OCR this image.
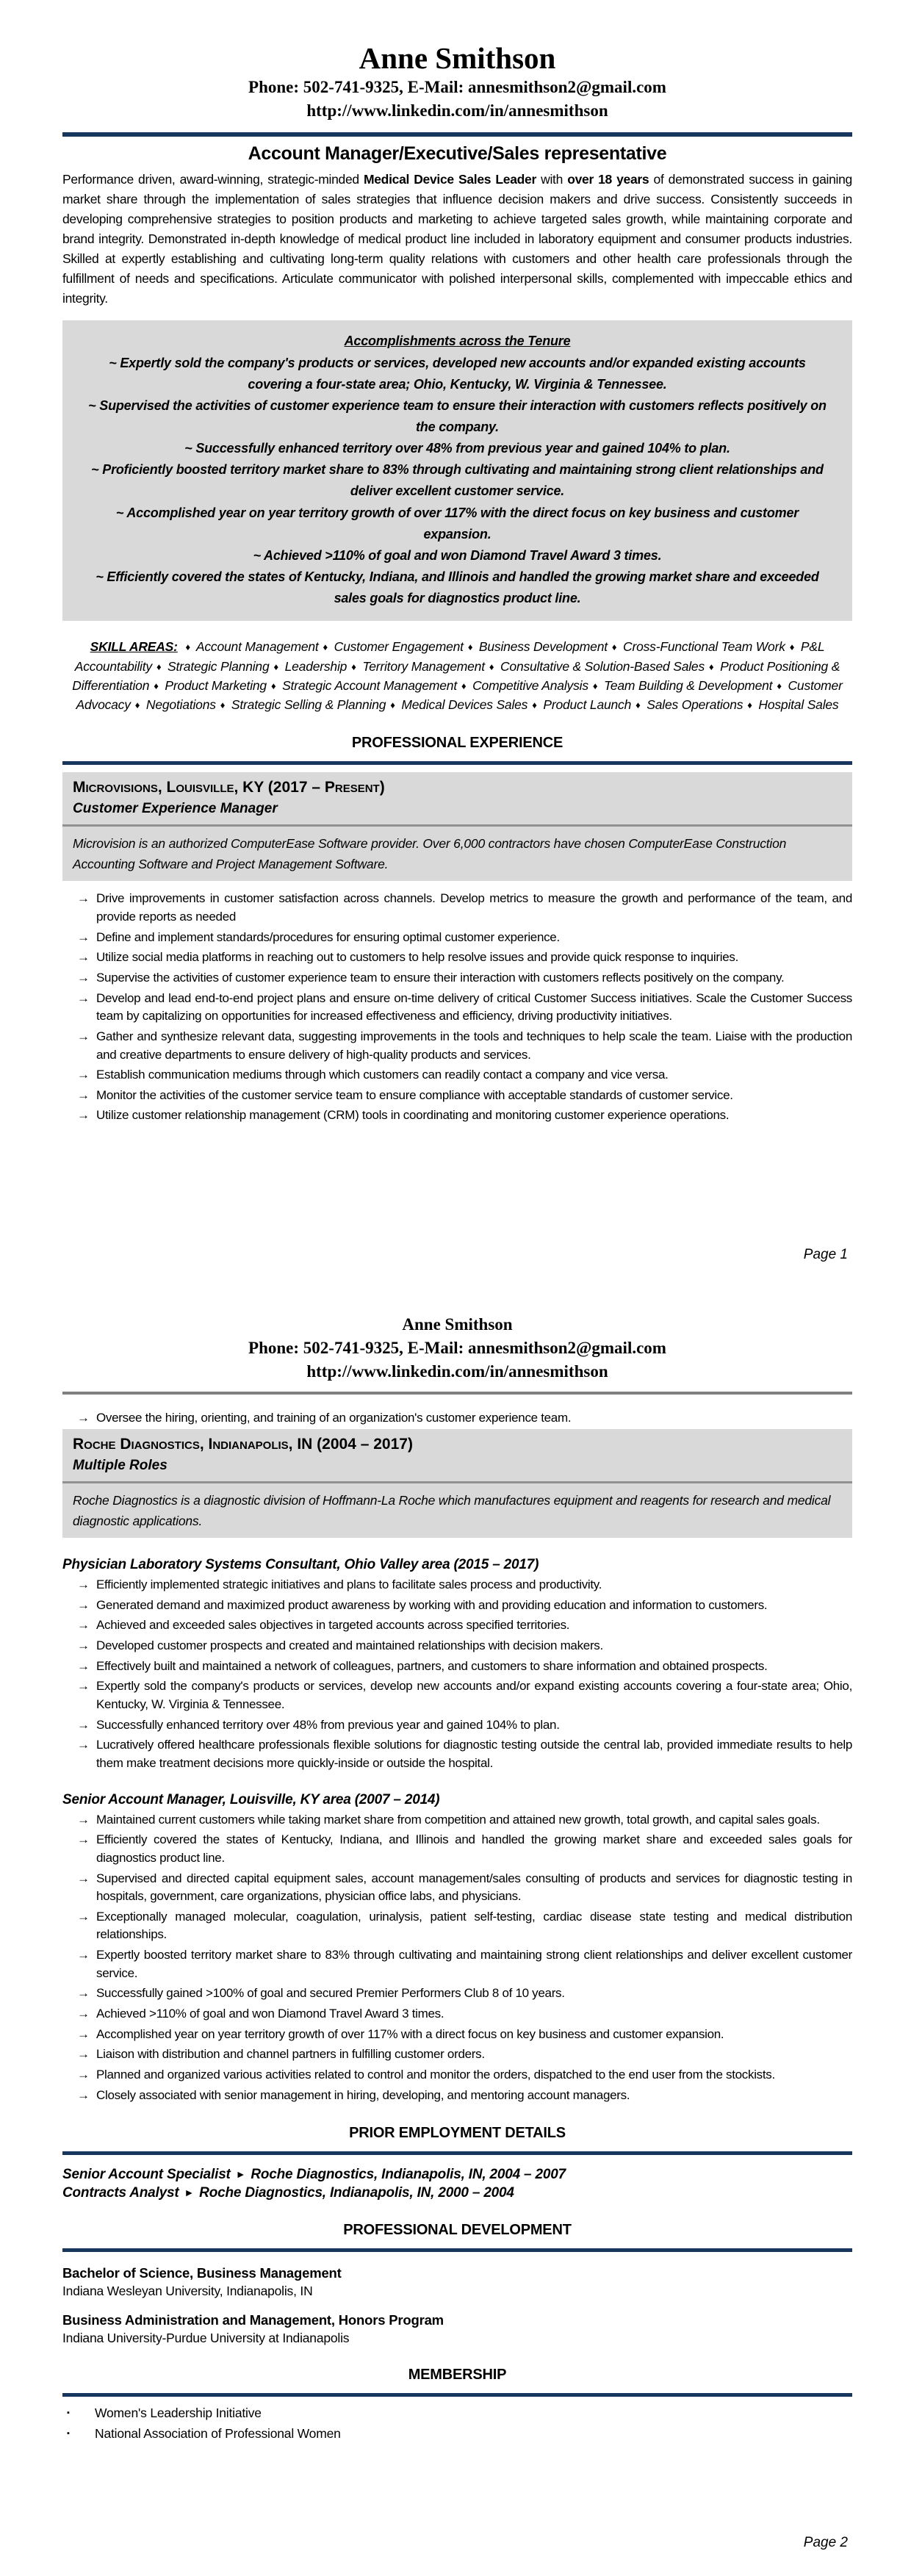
Anne Smithson

Phone: 502-741-9325, E-Mail: annesmithson2@gmail.com

http://www.linkedin.com/in/annesmithson

Account Manager/Executive/Sales representative

Performance driven, award-winning, strategic-minded Medical Device Sales Leader with over 18 years of demonstrated success in gaining market share through the implementation of sales strategies that influence decision makers and drive success. Consistently succeeds in developing comprehensive strategies to position products and marketing to achieve targeted sales growth, while maintaining corporate and brand integrity. Demonstrated in-depth knowledge of medical product line included in laboratory equipment and consumer products industries. Skilled at expertly establishing and cultivating long-term quality relations with customers and other health care professionals through the fulfillment of needs and specifications. Articulate communicator with polished interpersonal skills, complemented with impeccable ethics and integrity.

Accomplishments across the Tenure

~ Expertly sold the company's products or services, developed new accounts and/or expanded existing accounts covering a four-state area; Ohio, Kentucky, W. Virginia & Tennessee.

~ Supervised the activities of customer experience team to ensure their interaction with customers reflects positively on the company.

~ Successfully enhanced territory over 48% from previous year and gained 104% to plan.

~ Proficiently boosted territory market share to 83% through cultivating and maintaining strong client relationships and deliver excellent customer service.

~ Accomplished year on year territory growth of over 117% with the direct focus on key business and customer expansion.

~ Achieved >110% of goal and won Diamond Travel Award 3 times.

~ Efficiently covered the states of Kentucky, Indiana, and Illinois and handled the growing market share and exceeded sales goals for diagnostics product line.

SKILL AREAS: ♦ Account Management ♦ Customer Engagement ♦ Business Development ♦ Cross-Functional Team Work ♦ P&L Accountability ♦ Strategic Planning ♦ Leadership ♦ Territory Management ♦ Consultative & Solution-Based Sales ♦ Product Positioning & Differentiation ♦ Product Marketing ♦ Strategic Account Management ♦ Competitive Analysis ♦ Team Building & Development ♦ Customer Advocacy ♦ Negotiations ♦ Strategic Selling & Planning ♦ Medical Devices Sales ♦ Product Launch ♦ Sales Operations ♦ Hospital Sales
PROFESSIONAL EXPERIENCE
Microvisions, Louisville, KY (2017 – Present)
Customer Experience Manager
Microvision is an authorized ComputerEase Software provider. Over 6,000 contractors have chosen ComputerEase Construction Accounting Software and Project Management Software.
→ Drive improvements in customer satisfaction across channels. Develop metrics to measure the growth and performance of the team, and provide reports as needed
→ Define and implement standards/procedures for ensuring optimal customer experience.
→ Utilize social media platforms in reaching out to customers to help resolve issues and provide quick response to inquiries.
→ Supervise the activities of customer experience team to ensure their interaction with customers reflects positively on the company.
→ Develop and lead end-to-end project plans and ensure on-time delivery of critical Customer Success initiatives. Scale the Customer Success team by capitalizing on opportunities for increased effectiveness and efficiency, driving productivity initiatives.
→ Gather and synthesize relevant data, suggesting improvements in the tools and techniques to help scale the team. Liaise with the production and creative departments to ensure delivery of high-quality products and services.
→ Establish communication mediums through which customers can readily contact a company and vice versa.
→ Monitor the activities of the customer service team to ensure compliance with acceptable standards of customer service.
→ Utilize customer relationship management (CRM) tools in coordinating and monitoring customer experience operations.
Page 1
Anne Smithson

Phone: 502-741-9325, E-Mail: annesmithson2@gmail.com

http://www.linkedin.com/in/annesmithson

→ Oversee the hiring, orienting, and training of an organization's customer experience team.
Roche Diagnostics, Indianapolis, IN (2004 – 2017)
Multiple Roles
Roche Diagnostics is a diagnostic division of Hoffmann-La Roche which manufactures equipment and reagents for research and medical diagnostic applications.
Physician Laboratory Systems Consultant, Ohio Valley area (2015 – 2017)
→ Efficiently implemented strategic initiatives and plans to facilitate sales process and productivity.
→ Generated demand and maximized product awareness by working with and providing education and information to customers.
→ Achieved and exceeded sales objectives in targeted accounts across specified territories.
→ Developed customer prospects and created and maintained relationships with decision makers.
→ Effectively built and maintained a network of colleagues, partners, and customers to share information and obtained prospects.
→ Expertly sold the company's products or services, develop new accounts and/or expand existing accounts covering a four-state area; Ohio, Kentucky, W. Virginia & Tennessee.
→ Successfully enhanced territory over 48% from previous year and gained 104% to plan.
→ Lucratively offered healthcare professionals flexible solutions for diagnostic testing outside the central lab, provided immediate results to help them make treatment decisions more quickly-inside or outside the hospital.
Senior Account Manager, Louisville, KY area (2007 – 2014)
→ Maintained current customers while taking market share from competition and attained new growth, total growth, and capital sales goals.
→ Efficiently covered the states of Kentucky, Indiana, and Illinois and handled the growing market share and exceeded sales goals for diagnostics product line.
→ Supervised and directed capital equipment sales, account management/sales consulting of products and services for diagnostic testing in hospitals, government, care organizations, physician office labs, and physicians.
→ Exceptionally managed molecular, coagulation, urinalysis, patient self-testing, cardiac disease state testing and medical distribution relationships.
→ Expertly boosted territory market share to 83% through cultivating and maintaining strong client relationships and deliver excellent customer service.
→ Successfully gained >100% of goal and secured Premier Performers Club 8 of 10 years.
→ Achieved >110% of goal and won Diamond Travel Award 3 times.
→ Accomplished year on year territory growth of over 117% with a direct focus on key business and customer expansion.
→ Liaison with distribution and channel partners in fulfilling customer orders.
→ Planned and organized various activities related to control and monitor the orders, dispatched to the end user from the stockists.
→ Closely associated with senior management in hiring, developing, and mentoring account managers.
PRIOR EMPLOYMENT DETAILS
Senior Account Specialist ► Roche Diagnostics, Indianapolis, IN, 2004 – 2007
Contracts Analyst ► Roche Diagnostics, Indianapolis, IN, 2000 – 2004
PROFESSIONAL DEVELOPMENT
Bachelor of Science, Business Management
Indiana Wesleyan University, Indianapolis, IN
Business Administration and Management, Honors Program
Indiana University-Purdue University at Indianapolis
MEMBERSHIP
▪	Women's Leadership Initiative
▪	National Association of Professional Women
Page 2
